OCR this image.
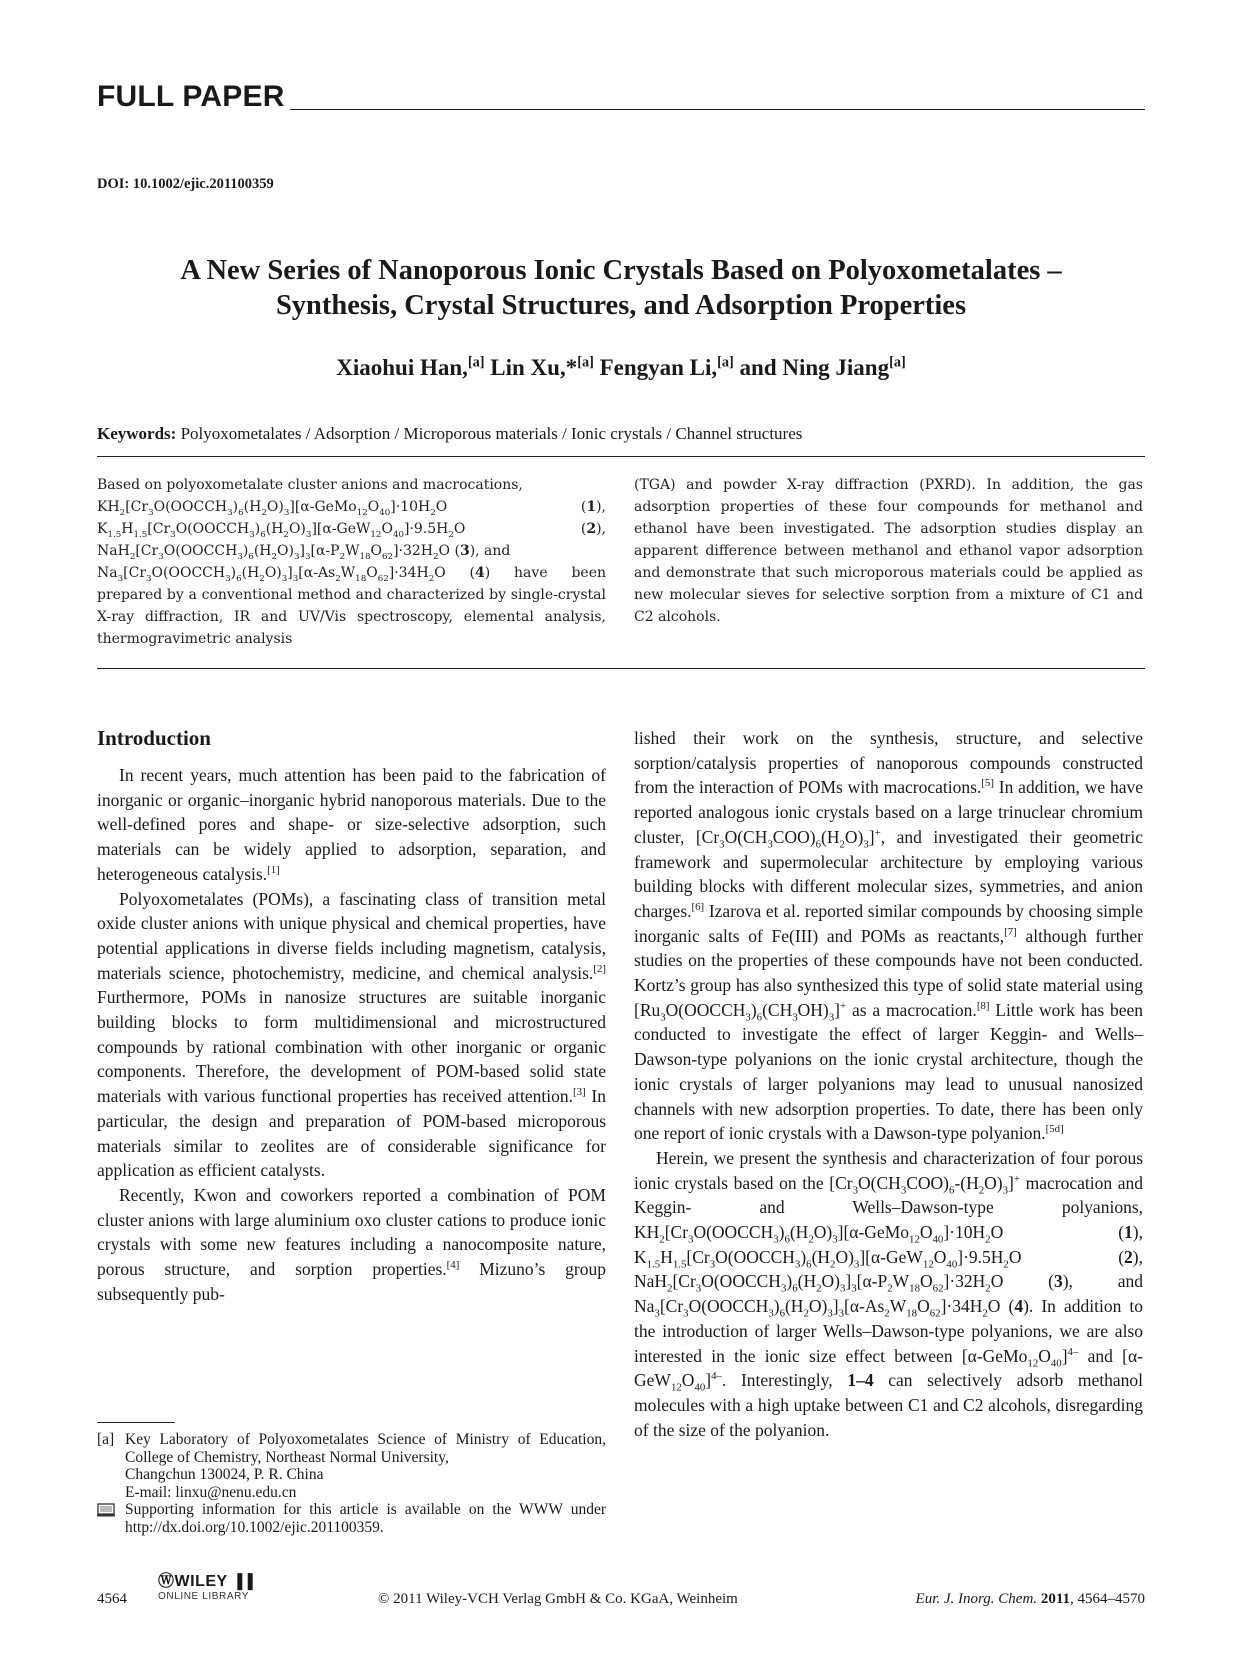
FULL PAPER
DOI: 10.1002/ejic.201100359
A New Series of Nanoporous Ionic Crystals Based on Polyoxometalates –
Synthesis, Crystal Structures, and Adsorption Properties
Xiaohui Han,[a] Lin Xu,*[a] Fengyan Li,[a] and Ning Jiang[a]
Keywords: Polyoxometalates / Adsorption / Microporous materials / Ionic crystals / Channel structures
Based on polyoxometalate cluster anions and macrocations,

$KH_2[Cr_3O(OOCCH_3)_6(H_2O)_3][\alpha-GeMo_{12}O_{40}]\cdot 10H_2O$	(1),
$K_{1.5}H_{1.5}[Cr_3O(OOCCH_3)_6(H_2O)_3][\alpha-GeW_{12}O_{40}]\cdot 9.5H_2O$	(2),
$NaH_2[Cr_3O(OOCCH_3)_6(H_2O)_3]_3[\alpha-P_2W_{18}O_{62}]\cdot 32H_2O$ (3), and
$Na_3[Cr_3O(OOCCH_3)_6(H_2O)_3]_3[\alpha-As_2W_{18}O_{62}]\cdot 34H_2O$ (4) have been prepared by a conventional method and characterized by single-crystal X-ray diffraction, IR and UV/Vis spectroscopy, elemental analysis, thermogravimetric analysis
(TGA) and powder X-ray diffraction (PXRD). In addition, the gas adsorption properties of these four compounds for methanol and ethanol have been investigated. The adsorption studies display an apparent difference between methanol and ethanol vapor adsorption and demonstrate that such microporous materials could be applied as new molecular sieves for selective sorption from a mixture of C1 and C2 alcohols.
Introduction

In recent years, much attention has been paid to the fabrication of inorganic or organic–inorganic hybrid nanoporous materials. Due to the well-defined pores and shape- or size-selective adsorption, such materials can be widely applied to adsorption, separation, and heterogeneous catalysis.[1]

Polyoxometalates (POMs), a fascinating class of transition metal oxide cluster anions with unique physical and chemical properties, have potential applications in diverse fields including magnetism, catalysis, materials science, photochemistry, medicine, and chemical analysis.[2] Furthermore, POMs in nanosize structures are suitable inorganic building blocks to form multidimensional and microstructured compounds by rational combination with other inorganic or organic components. Therefore, the development of POM-based solid state materials with various functional properties has received attention.[3] In particular, the design and preparation of POM-based microporous materials similar to zeolites are of considerable significance for application as efficient catalysts.

Recently, Kwon and coworkers reported a combination of POM cluster anions with large aluminium oxo cluster cations to produce ionic crystals with some new features including a nanocomposite nature, porous structure, and sorption properties.[4] Mizuno’s group subsequently pub-

lished their work on the synthesis, structure, and selective sorption/catalysis properties of nanoporous compounds constructed from the interaction of POMs with macrocations.[5] In addition, we have reported analogous ionic crystals based on a large trinuclear chromium cluster, $[Cr_3O(CH_3COO)_6(H_2O)_3]^+$, and investigated their geometric framework and supermolecular architecture by employing various building blocks with different molecular sizes, symmetries, and anion charges.[6] Izarova et al. reported similar compounds by choosing simple inorganic salts of Fe(III) and POMs as reactants,[7] although further studies on the properties of these compounds have not been conducted. Kortz’s group has also synthesized this type of solid state material using $[Ru_3O(OOCCH_3)_6(CH_3OH)_3]^+$ as a macrocation.[8] Little work has been conducted to investigate the effect of larger Keggin- and Wells–Dawson-type polyanions on the ionic crystal architecture, though the ionic crystals of larger polyanions may lead to unusual nanosized channels with new adsorption properties. To date, there has been only one report of ionic crystals with a Dawson-type polyanion.[5d]

Herein, we present the synthesis and characterization of four porous ionic crystals based on the $[Cr_3O(CH_3COO)_6-(H_2O)_3]^+$ macrocation and Keggin- and Wells–Dawson-type polyanions, $KH_2[Cr_3O(OOCCH_3)_6(H_2O)_3][\alpha-GeMo_{12}O_{40}]\cdot 10H_2O$ (1), $K_{1.5}H_{1.5}[Cr_3O(OOCCH_3)_6(H_2O)_3][\alpha-GeW_{12}O_{40}]\cdot 9.5H_2O$ (2), $NaH_2[Cr_3O(OOCCH_3)_6(H_2O)_3]_3[\alpha-P_2W_{18}O_{62}]\cdot 32H_2O$ (3), and $Na_3[Cr_3O(OOCCH_3)_6(H_2O)_3]_3[\alpha-As_2W_{18}O_{62}]\cdot 34H_2O$ (4). In addition to the introduction of larger Wells–Dawson-type polyanions, we are also interested in the ionic size effect between $[\alpha-GeMo_{12}O_{40}]^{4-}$ and $[\alpha-GeW_{12}O_{40}]^{4-}$. Interestingly, 1–4 can selectively adsorb methanol molecules with a high uptake between C1 and C2 alcohols, disregarding of the size of the polyanion.

[a] Key Laboratory of Polyoxometalates Science of Ministry of Education, College of Chemistry, Northeast Normal University,
Changchun 130024, P. R. China
E-mail: linxu@nenu.edu.cn
Supporting information for this article is available on the WWW under http://dx.doi.org/10.1002/ejic.201100359.
4564
ⓌWILEY ▐▐
ONLINE LIBRARY	© 2011 Wiley-VCH Verlag GmbH & Co. KGaA, Weinheim	Eur. J. Inorg. Chem. 2011, 4564–4570
